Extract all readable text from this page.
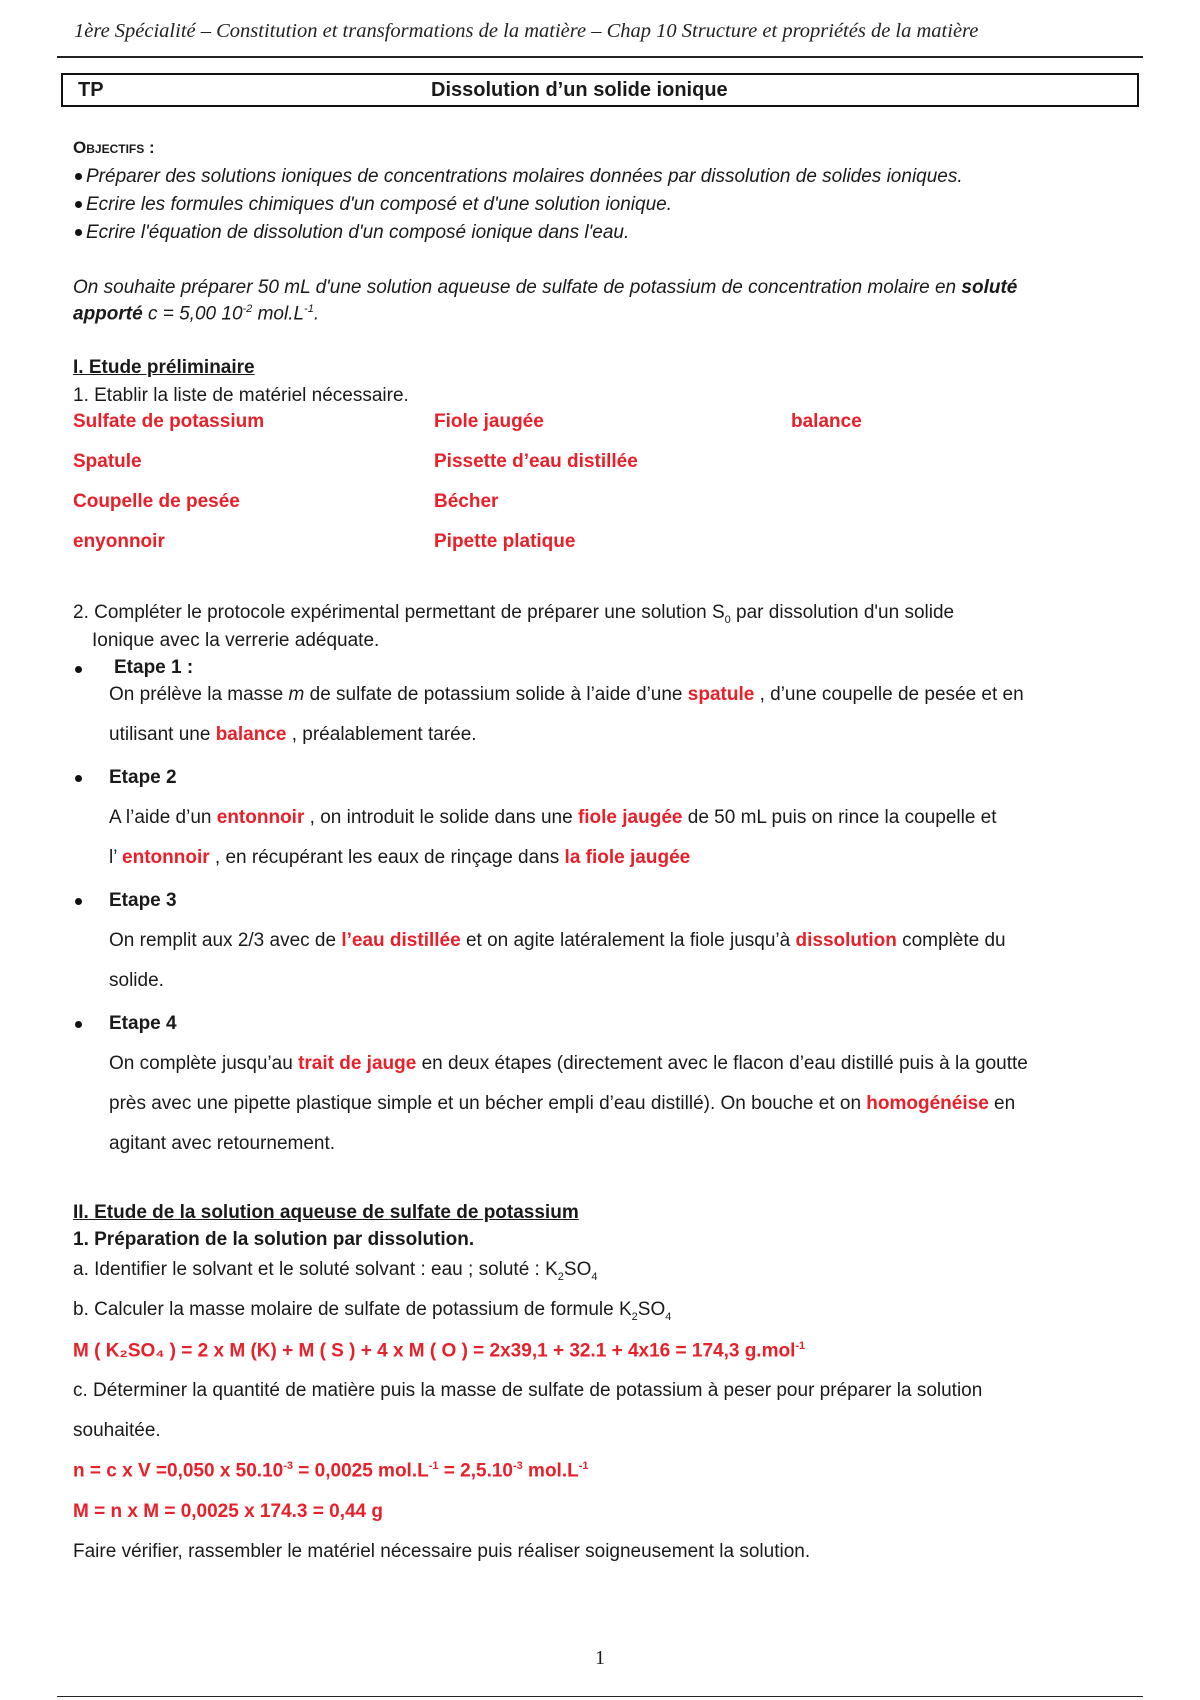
1ère Spécialité – Constitution et transformations de la matière – Chap 10 Structure et propriétés de la matière
TP	Dissolution d’un solide ionique
Objectifs :
Préparer des solutions ioniques de concentrations molaires données par dissolution de solides ioniques.
Ecrire les formules chimiques d'un composé et d'une solution ionique.
Ecrire l'équation de dissolution d'un composé ionique dans l'eau.
On souhaite préparer 50 mL d'une solution aqueuse de sulfate de potassium de concentration molaire en soluté
apporté c = 5,00 $10^{-2}$ $mol.L^{-1}$.
I. Etude préliminaire
1. Etablir la liste de matériel nécessaire.
Sulfate de potassium
Spatule
Coupelle de pesée
enyonnoir
Fiole jaugée
Pissette d’eau distillée
Bécher
Pipette platique
balance
2. Compléter le protocole expérimental permettant de préparer une solution $S_0$ par dissolution d'un solide
Ionique avec la verrerie adéquate.
Etape 1 :
On prélève la masse m de sulfate de potassium solide à l’aide d’une spatule , d’une coupelle de pesée et en
utilisant une balance , préalablement tarée.
Etape 2
A l’aide d’un entonnoir , on introduit le solide dans une fiole jaugée de 50 mL puis on rince la coupelle et
l’ entonnoir , en récupérant les eaux de rinçage dans la fiole jaugée
Etape 3
On remplit aux 2/3 avec de l’eau distillée et on agite latéralement la fiole jusqu’à dissolution complète du
solide.
Etape 4
On complète jusqu’au trait de jauge en deux étapes (directement avec le flacon d’eau distillé puis à la goutte
près avec une pipette plastique simple et un bécher empli d’eau distillé). On bouche et on homogénéise en
agitant avec retournement.
II. Etude de la solution aqueuse de sulfate de potassium
1. Préparation de la solution par dissolution.
a. Identifier le solvant et le soluté solvant : eau ; soluté : $K_2SO_4$
b. Calculer la masse molaire de sulfate de potassium de formule $K_2SO_4$
M ( K₂SO₄ ) = 2 x M (K) + M ( S ) + 4 x M ( O ) = 2x39,1 + 32.1 + 4x16 = 174,3 g.mol$^{-1}$
c. Déterminer la quantité de matière puis la masse de sulfate de potassium à peser pour préparer la solution
souhaitée.
n = c x V =0,050 x $50.10^{-3} = 0,0025$ $mol.L^{-1} = 2,5.10^{-3}$ $mol.L^{-1}$
M = n x M = 0,0025 x 174.3 = 0,44 g
Faire vérifier, rassembler le matériel nécessaire puis réaliser soigneusement la solution.
1
